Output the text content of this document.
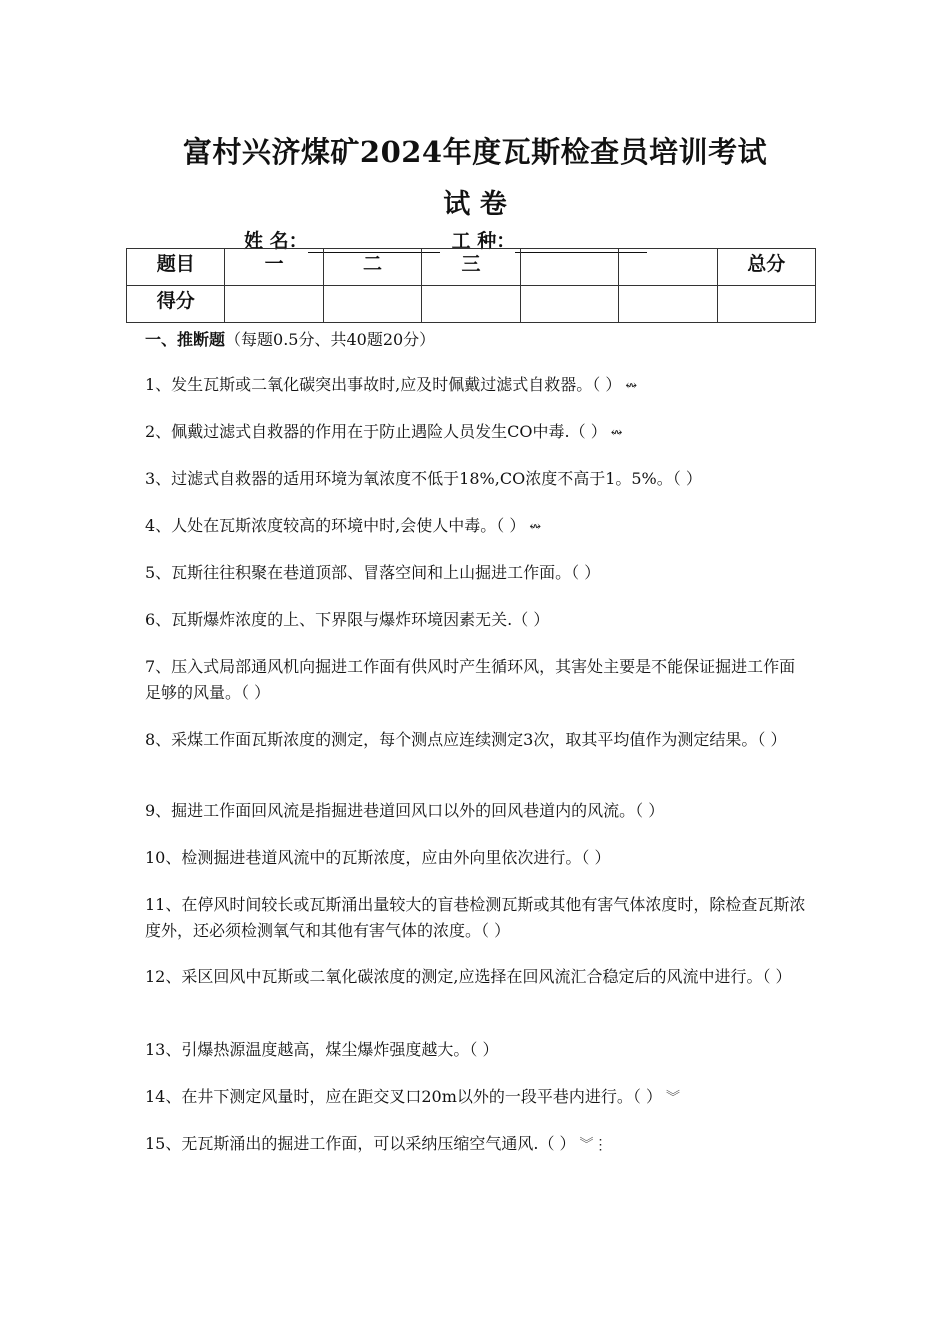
富村兴济煤矿2024年度瓦斯检查员培训考试
试 卷
姓 名：	工 种：
题目	一	二	三			总分
得分						
一、推断题（每题0.5分、共40题20分）
1、发生瓦斯或二氧化碳突出事故时,应及时佩戴过滤式自救器。（ ） ↭
2、佩戴过滤式自救器的作用在于防止遇险人员发生CO中毒.（ ） ↭
3、过滤式自救器的适用环境为氧浓度不低于18%,CO浓度不高于1。5%。（ ）
4、人处在瓦斯浓度较高的环境中时,会使人中毒。（ ） ↭
5、瓦斯往往积聚在巷道顶部、冒落空间和上山掘进工作面。（ ）
6、瓦斯爆炸浓度的上、下界限与爆炸环境因素无关.（ ）
7、压入式局部通风机向掘进工作面有供风时产生循环风，其害处主要是不能保证掘进工作面足够的风量。（ ）
8、采煤工作面瓦斯浓度的测定，每个测点应连续测定3次，取其平均值作为测定结果。（ ）
9、掘进工作面回风流是指掘进巷道回风口以外的回风巷道内的风流。（ ）
10、检测掘进巷道风流中的瓦斯浓度，应由外向里依次进行。（ ）
11、在停风时间较长或瓦斯涌出量较大的盲巷检测瓦斯或其他有害气体浓度时，除检查瓦斯浓度外，还必须检测氧气和其他有害气体的浓度。（ ）
12、采区回风中瓦斯或二氧化碳浓度的测定,应选择在回风流汇合稳定后的风流中进行。（ ）
13、引爆热源温度越高，煤尘爆炸强度越大。（ ）
14、在井下测定风量时，应在距交叉口20m以外的一段平巷内进行。（ ） ︾
15、无瓦斯涌出的掘进工作面，可以采纳压缩空气通风.（ ） ︾⋮
